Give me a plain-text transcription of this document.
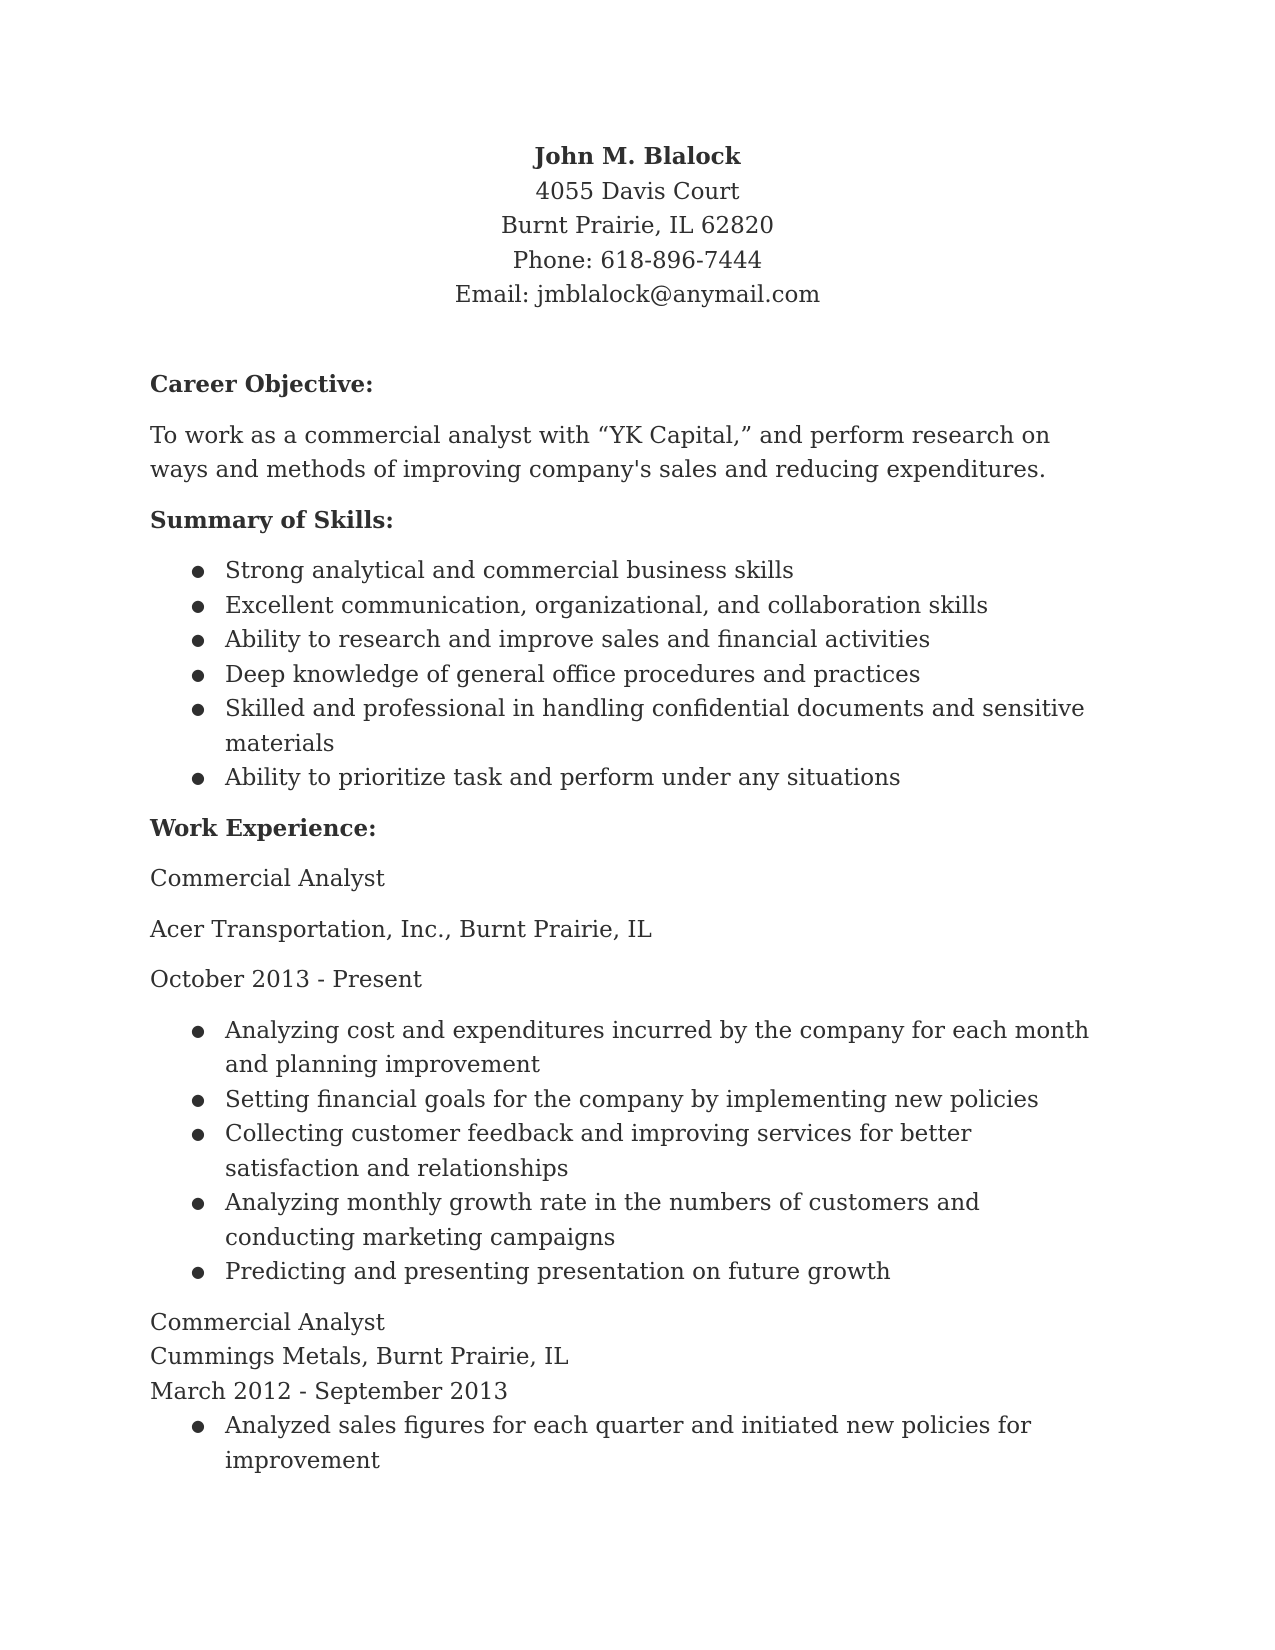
John M. Blalock
4055 Davis Court
Burnt Prairie, IL 62820
Phone: 618-896-7444
Email: jmblalock@anymail.com

Career Objective:

To work as a commercial analyst with “YK Capital,” and perform research on ways and methods of improving company's sales and reducing expenditures.

Summary of Skills:

● Strong analytical and commercial business skills
● Excellent communication, organizational, and collaboration skills
● Ability to research and improve sales and financial activities
● Deep knowledge of general office procedures and practices
● Skilled and professional in handling confidential documents and sensitive materials
● Ability to prioritize task and perform under any situations

Work Experience:

Commercial Analyst

Acer Transportation, Inc., Burnt Prairie, IL

October 2013 - Present

● Analyzing cost and expenditures incurred by the company for each month and planning improvement
● Setting financial goals for the company by implementing new policies
● Collecting customer feedback and improving services for better satisfaction and relationships
● Analyzing monthly growth rate in the numbers of customers and conducting marketing campaigns
● Predicting and presenting presentation on future growth

Commercial Analyst

Cummings Metals, Burnt Prairie, IL

March 2012 - September 2013

● Analyzed sales figures for each quarter and initiated new policies for improvement
